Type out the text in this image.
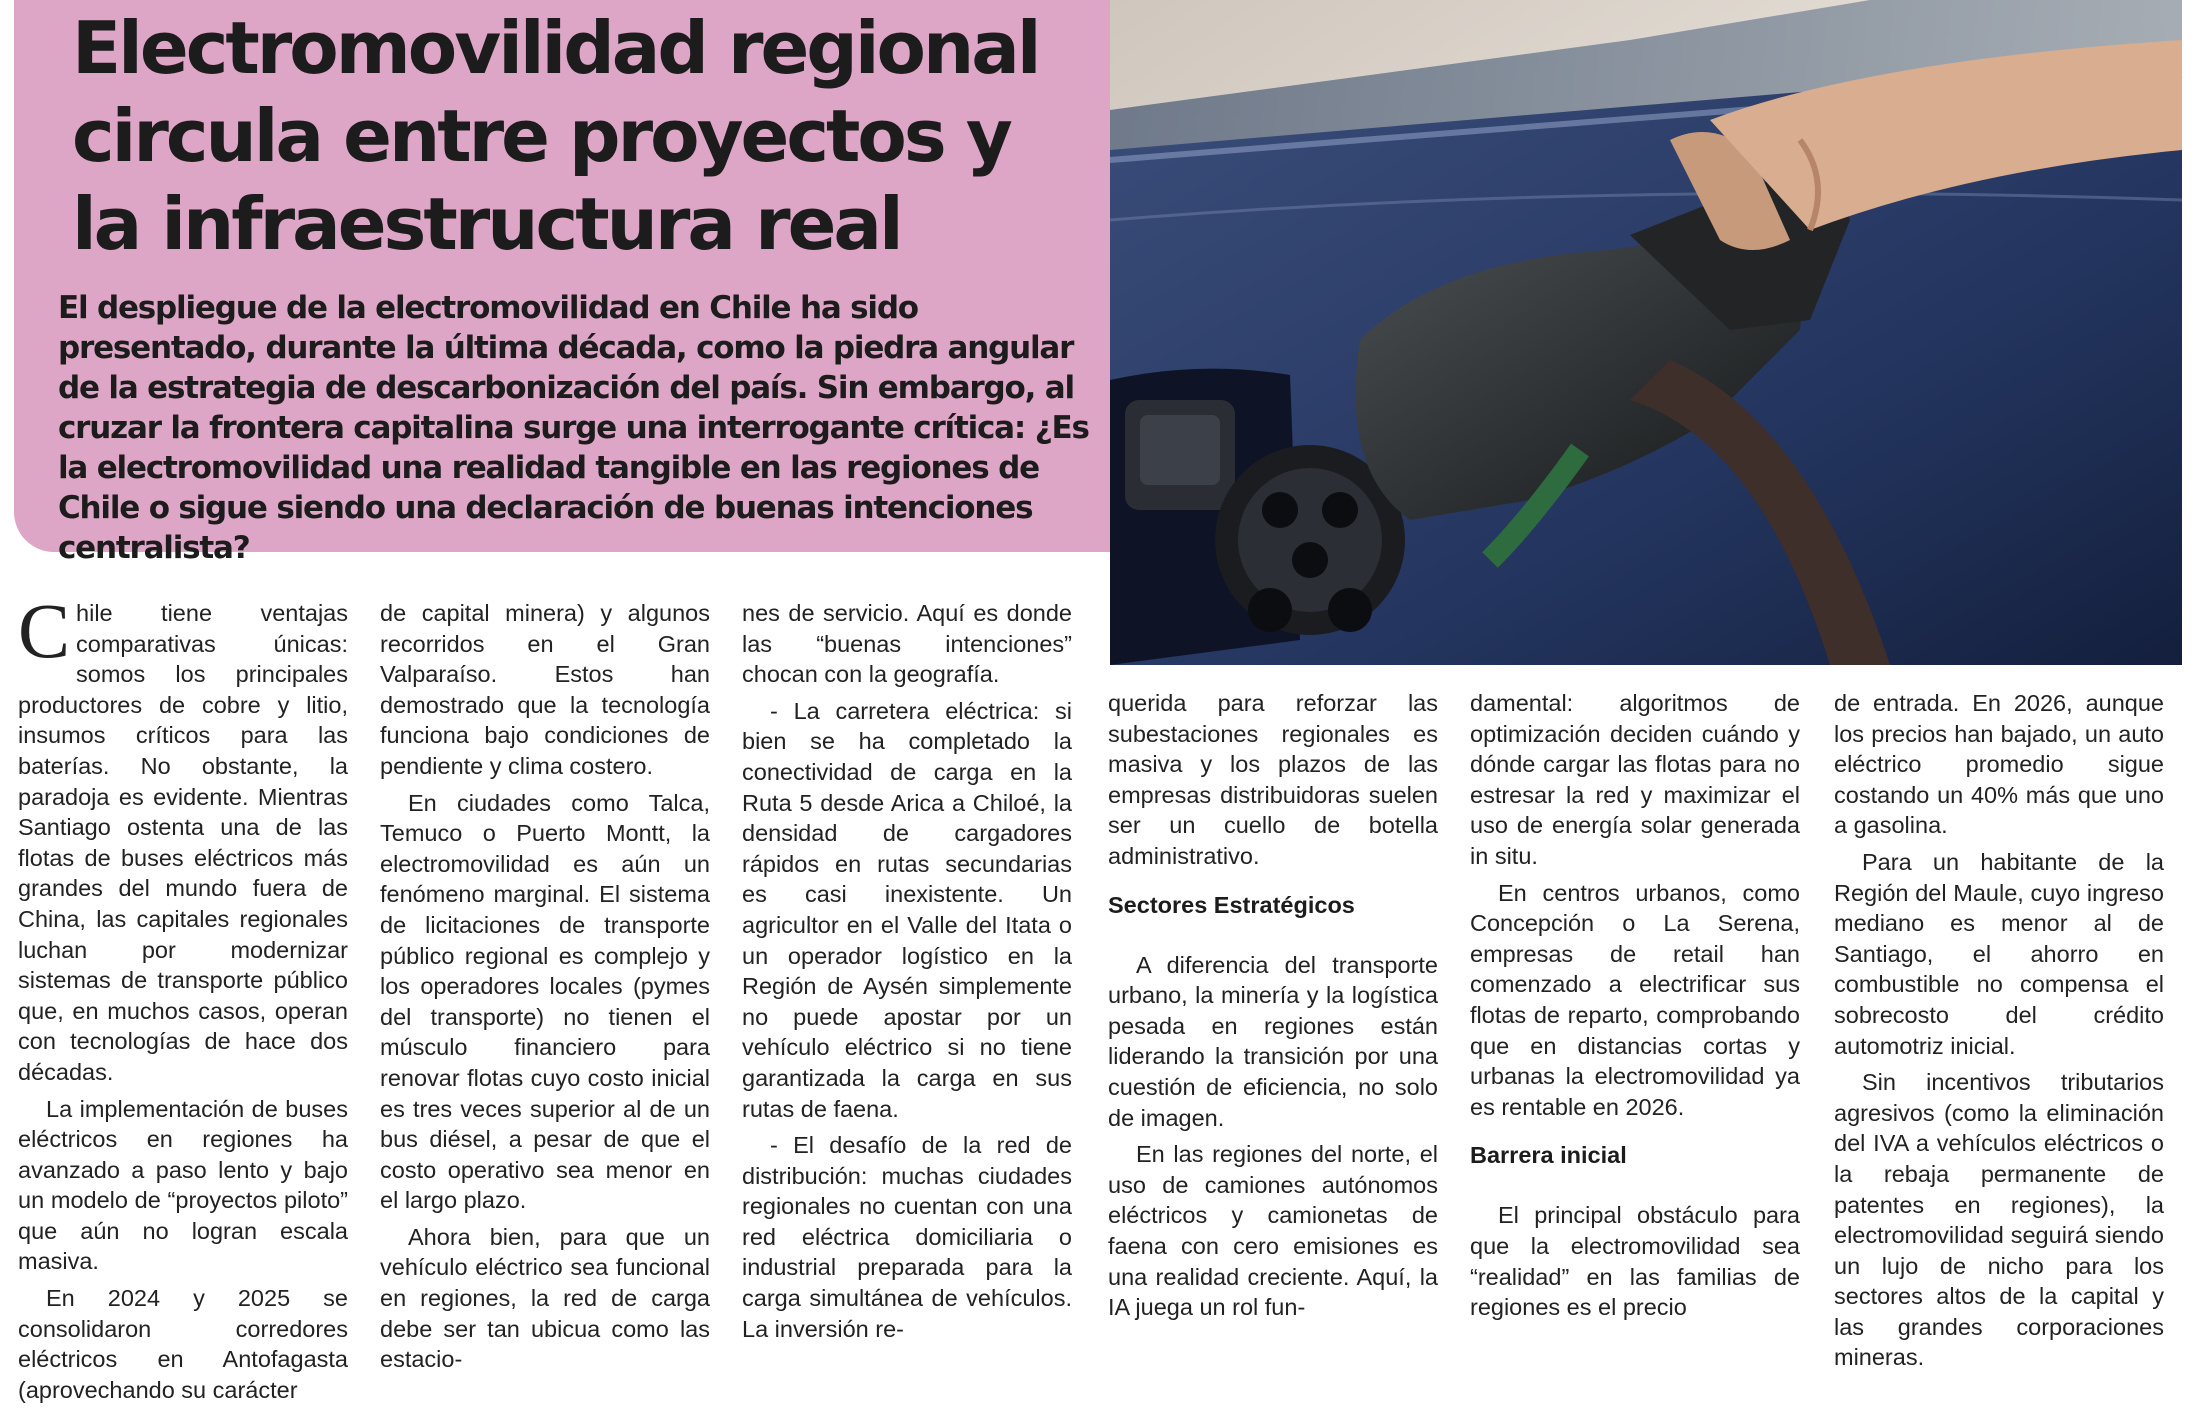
Electromovilidad regional
circula entre proyectos y
la infraestructura real

El despliegue de la electromovilidad en Chile ha sido presentado, durante la última década, como la piedra angular de la estrategia de descarbonización del país. Sin embargo, al cruzar la frontera capitalina surge una interrogante crítica: ¿Es la electromovilidad una realidad tangible en las regiones de Chile o sigue siendo una declaración de buenas intenciones centralista?

Chile tiene ventajas comparativas únicas: somos los principales productores de cobre y litio, insumos críticos para las baterías. No obstante, la paradoja es evidente. Mientras Santiago ostenta una de las flotas de buses eléctricos más grandes del mundo fuera de China, las capitales regionales luchan por modernizar sistemas de transporte público que, en muchos casos, operan con tecnologías de hace dos décadas.

La implementación de buses eléctricos en regiones ha avanzado a paso lento y bajo un modelo de “proyectos piloto” que aún no logran escala masiva.

En 2024 y 2025 se consolidaron corredores eléctricos en Antofagasta (aprovechando su carácter

de capital minera) y algunos recorridos en el Gran Valparaíso. Estos han demostrado que la tecnología funciona bajo condiciones de pendiente y clima costero.

En ciudades como Talca, Temuco o Puerto Montt, la electromovilidad es aún un fenómeno marginal. El sistema de licitaciones de transporte público regional es complejo y los operadores locales (pymes del transporte) no tienen el músculo financiero para renovar flotas cuyo costo inicial es tres veces superior al de un bus diésel, a pesar de que el costo operativo sea menor en el largo plazo.

Ahora bien, para que un vehículo eléctrico sea funcional en regiones, la red de carga debe ser tan ubicua como las estacio-

nes de servicio. Aquí es donde las “buenas intenciones” chocan con la geografía.

- La carretera eléctrica: si bien se ha completado la conectividad de carga en la Ruta 5 desde Arica a Chiloé, la densidad de cargadores rápidos en rutas secundarias es casi inexistente. Un agricultor en el Valle del Itata o un operador logístico en la Región de Aysén simplemente no puede apostar por un vehículo eléctrico si no tiene garantizada la carga en sus rutas de faena.

- El desafío de la red de distribución: muchas ciudades regionales no cuentan con una red eléctrica domiciliaria o industrial preparada para la carga simultánea de vehículos. La inversión re-

querida para reforzar las subestaciones regionales es masiva y los plazos de las empresas distribuidoras suelen ser un cuello de botella administrativo.

Sectores Estratégicos

A diferencia del transporte urbano, la minería y la logística pesada en regiones están liderando la transición por una cuestión de eficiencia, no solo de imagen.

En las regiones del norte, el uso de camiones autónomos eléctricos y camionetas de faena con cero emisiones es una realidad creciente. Aquí, la IA juega un rol fun-

damental: algoritmos de optimización deciden cuándo y dónde cargar las flotas para no estresar la red y maximizar el uso de energía solar generada in situ.

En centros urbanos, como Concepción o La Serena, empresas de retail han comenzado a electrificar sus flotas de reparto, comprobando que en distancias cortas y urbanas la electromovilidad ya es rentable en 2026.

Barrera inicial

El principal obstáculo para que la electromovilidad sea “realidad” en las familias de regiones es el precio

de entrada. En 2026, aunque los precios han bajado, un auto eléctrico promedio sigue costando un 40% más que uno a gasolina.

Para un habitante de la Región del Maule, cuyo ingreso mediano es menor al de Santiago, el ahorro en combustible no compensa el sobrecosto del crédito automotriz inicial.

Sin incentivos tributarios agresivos (como la eliminación del IVA a vehículos eléctricos o la rebaja permanente de patentes en regiones), la electromovilidad seguirá siendo un lujo de nicho para los sectores altos de la capital y las grandes corporaciones mineras.
